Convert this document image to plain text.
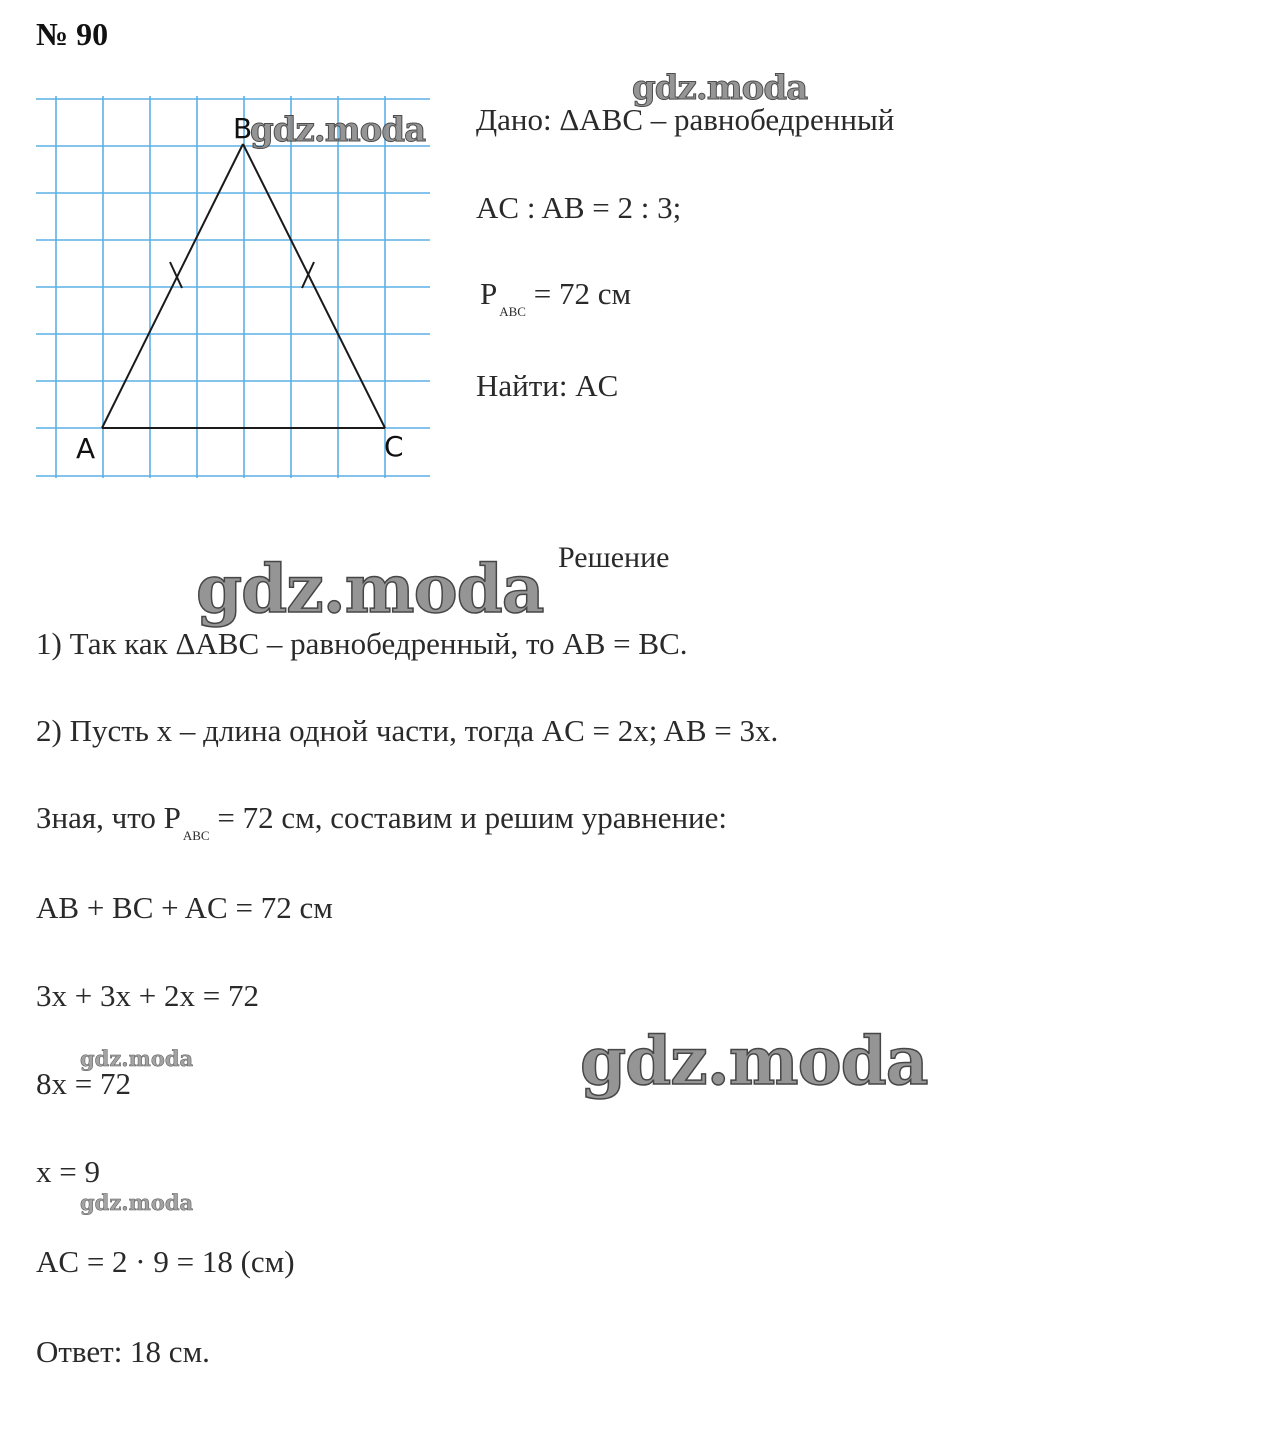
№ 90
A
B
C
Дано: ΔABC – равнобедренный
AC : AB = 2 : 3;
$P_{ABC} = 72$ см
Найти: AC
Решение
1) Так как ΔABC – равнобедренный, то AB = BC.
2) Пусть x – длина одной части, тогда AC = 2x; AB = 3x.
Зная, что $P_{ABC} = 72$ см, составим и решим уравнение:
AB + BC + AC = 72 см
3x + 3x + 2x = 72
8x = 72
x = 9
AC = 2 · 9 = 18 (см)
Ответ: 18 см.
gdz.moda
gdz.moda
gdz.moda
gdz.moda
gdz.moda
gdz.moda
